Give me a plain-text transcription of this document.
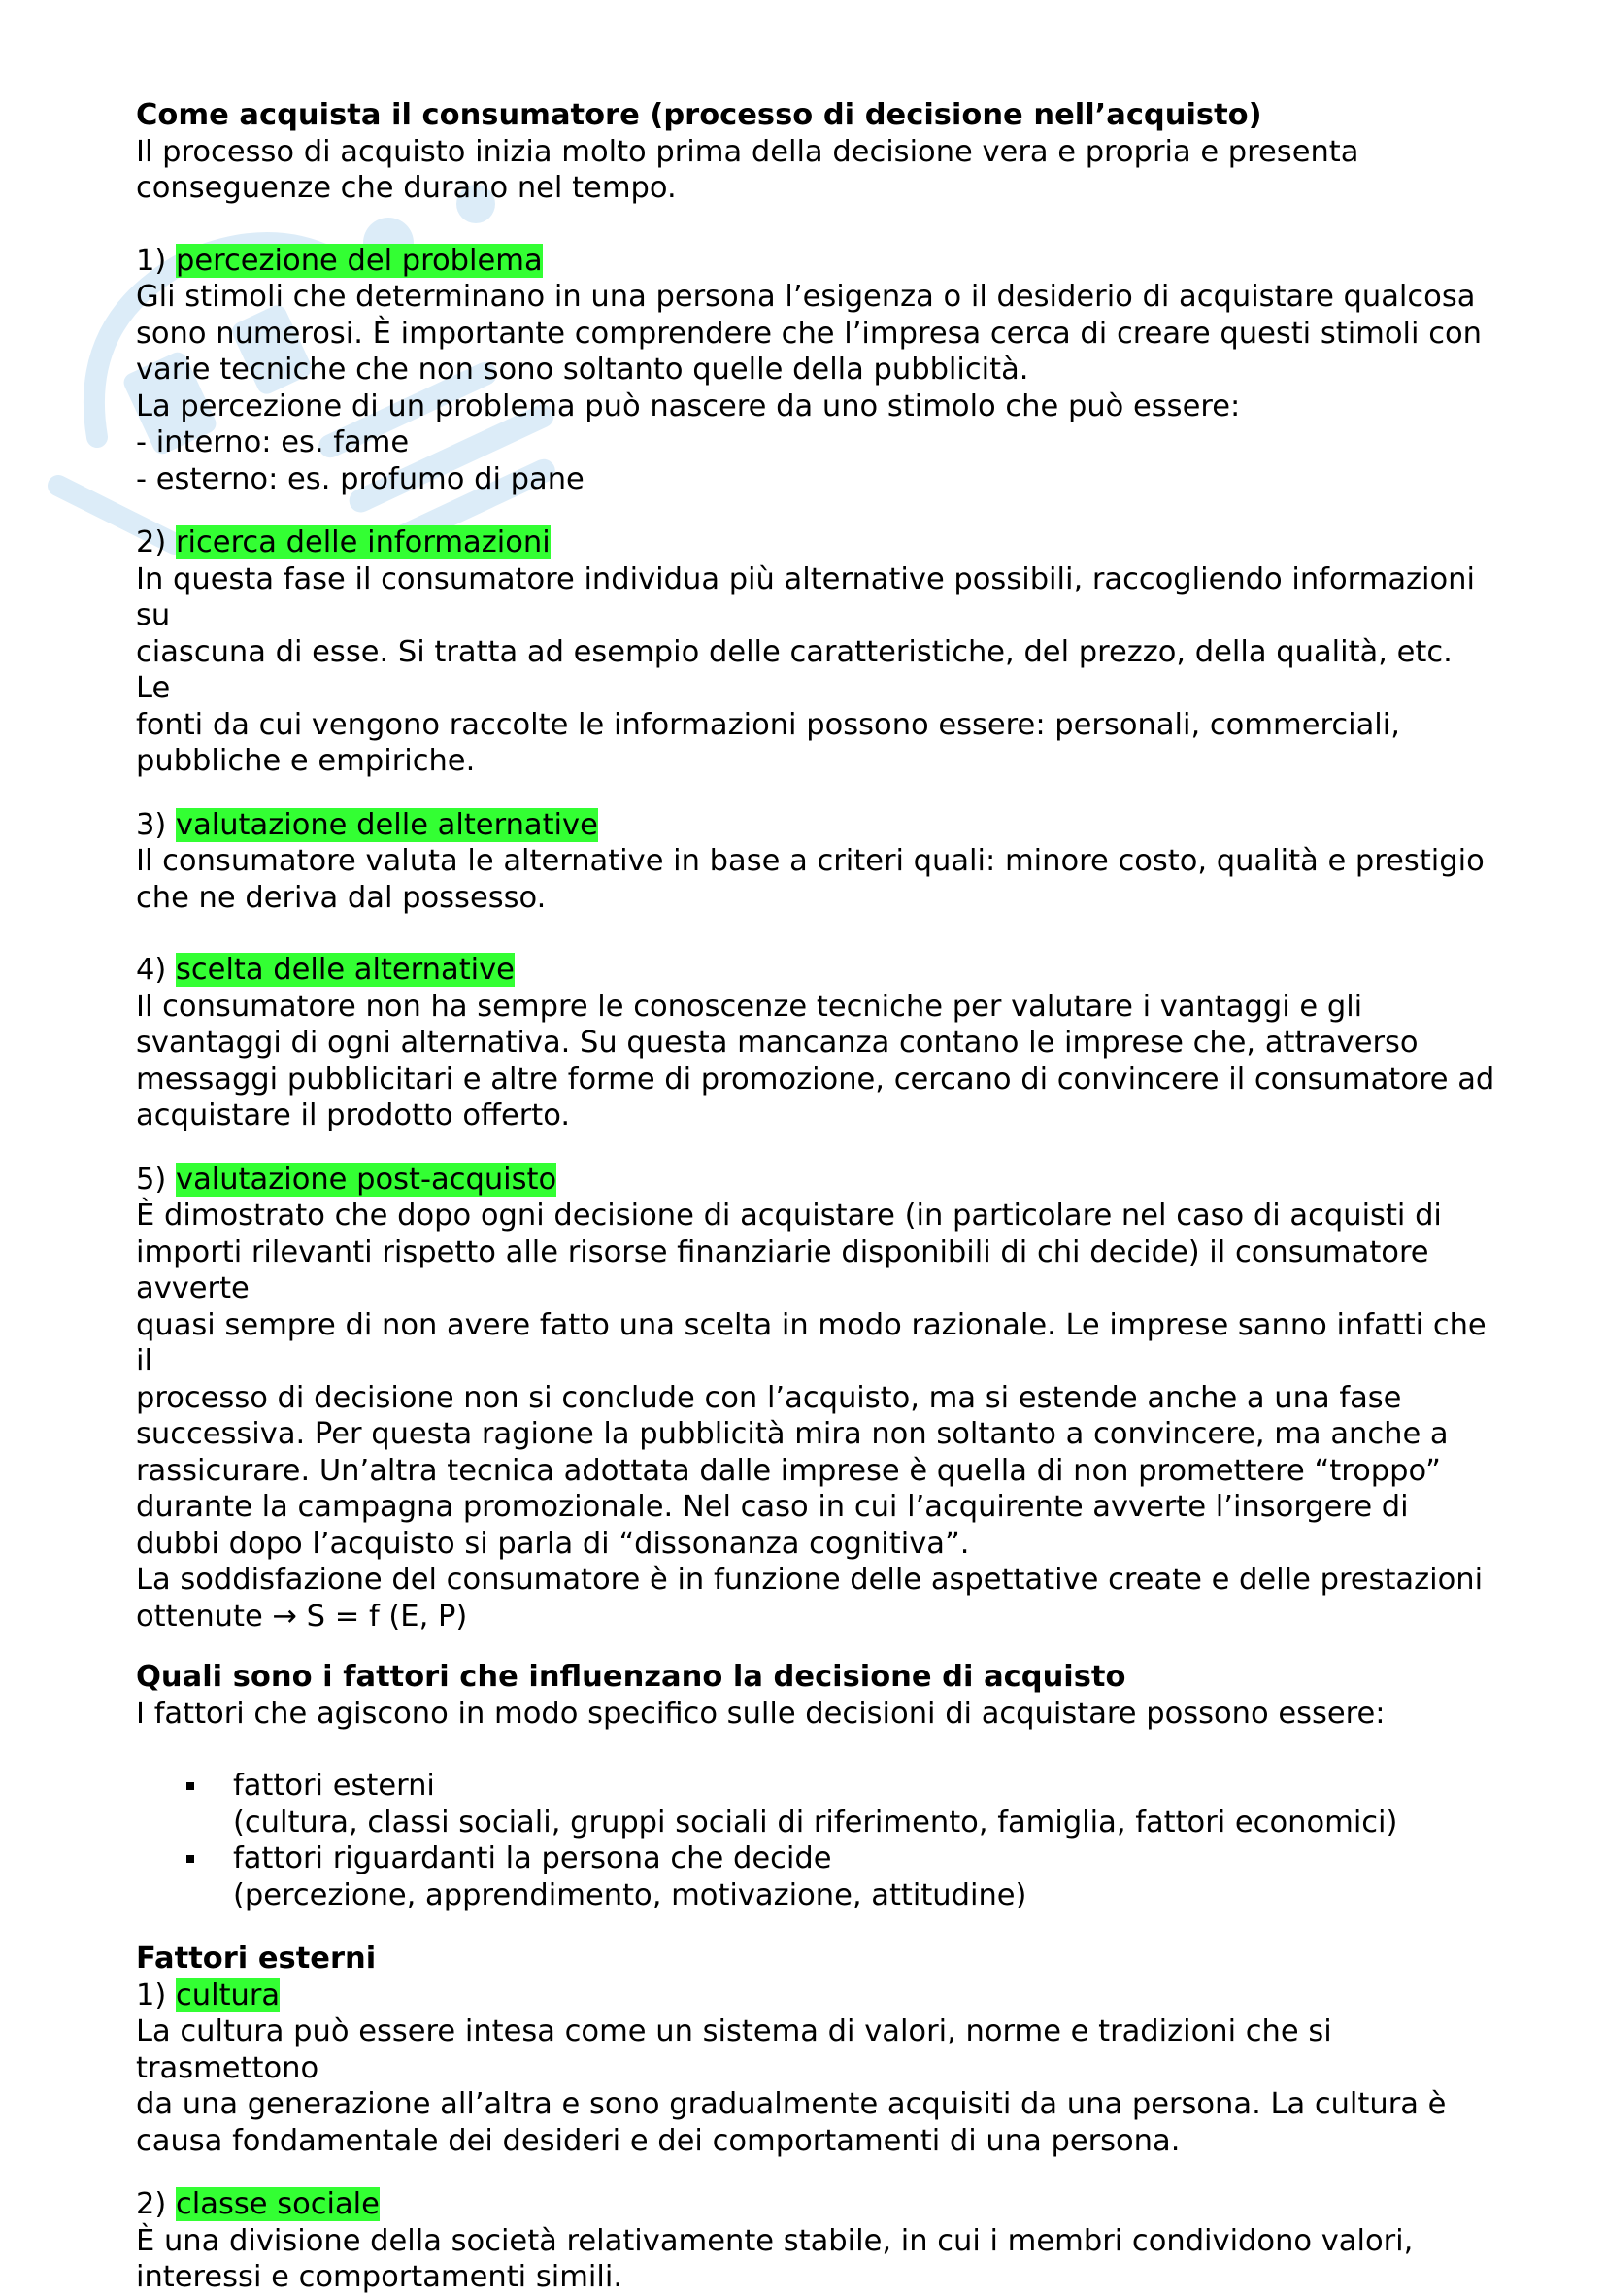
Come acquista il consumatore (processo di decisione nell’acquisto)

Il processo di acquisto inizia molto prima della decisione vera e propria e presenta

conseguenze che durano nel tempo.

1) percezione del problema

Gli stimoli che determinano in una persona l’esigenza o il desiderio di acquistare qualcosa

sono numerosi. È importante comprendere che l’impresa cerca di creare questi stimoli con

varie tecniche che non sono soltanto quelle della pubblicità.

La percezione di un problema può nascere da uno stimolo che può essere:

- interno: es. fame

- esterno: es. profumo di pane

2) ricerca delle informazioni

In questa fase il consumatore individua più alternative possibili, raccogliendo informazioni su

ciascuna di esse. Si tratta ad esempio delle caratteristiche, del prezzo, della qualità, etc. Le

fonti da cui vengono raccolte le informazioni possono essere: personali, commerciali,

pubbliche e empiriche.

3) valutazione delle alternative

Il consumatore valuta le alternative in base a criteri quali: minore costo, qualità e prestigio

che ne deriva dal possesso.

4) scelta delle alternative

Il consumatore non ha sempre le conoscenze tecniche per valutare i vantaggi e gli

svantaggi di ogni alternativa. Su questa mancanza contano le imprese che, attraverso

messaggi pubblicitari e altre forme di promozione, cercano di convincere il consumatore ad

acquistare il prodotto offerto.

5) valutazione post-acquisto

È dimostrato che dopo ogni decisione di acquistare (in particolare nel caso di acquisti di

importi rilevanti rispetto alle risorse finanziarie disponibili di chi decide) il consumatore avverte

quasi sempre di non avere fatto una scelta in modo razionale. Le imprese sanno infatti che il

processo di decisione non si conclude con l’acquisto, ma si estende anche a una fase

successiva. Per questa ragione la pubblicità mira non soltanto a convincere, ma anche a

rassicurare. Un’altra tecnica adottata dalle imprese è quella di non promettere “troppo”

durante la campagna promozionale. Nel caso in cui l’acquirente avverte l’insorgere di

dubbi dopo l’acquisto si parla di “dissonanza cognitiva”.

La soddisfazione del consumatore è in funzione delle aspettative create e delle prestazioni

ottenute → S = f (E, P)

Quali sono i fattori che influenzano la decisione di acquisto

I fattori che agiscono in modo specifico sulle decisioni di acquistare possono essere:

fattori esterni
(cultura, classi sociali, gruppi sociali di riferimento, famiglia, fattori economici)
fattori riguardanti la persona che decide
(percezione, apprendimento, motivazione, attitudine)

Fattori esterni

1) cultura

La cultura può essere intesa come un sistema di valori, norme e tradizioni che si trasmettono

da una generazione all’altra e sono gradualmente acquisiti da una persona. La cultura è

causa fondamentale dei desideri e dei comportamenti di una persona.

2) classe sociale

È una divisione della società relativamente stabile, in cui i membri condividono valori,

interessi e comportamenti simili.
